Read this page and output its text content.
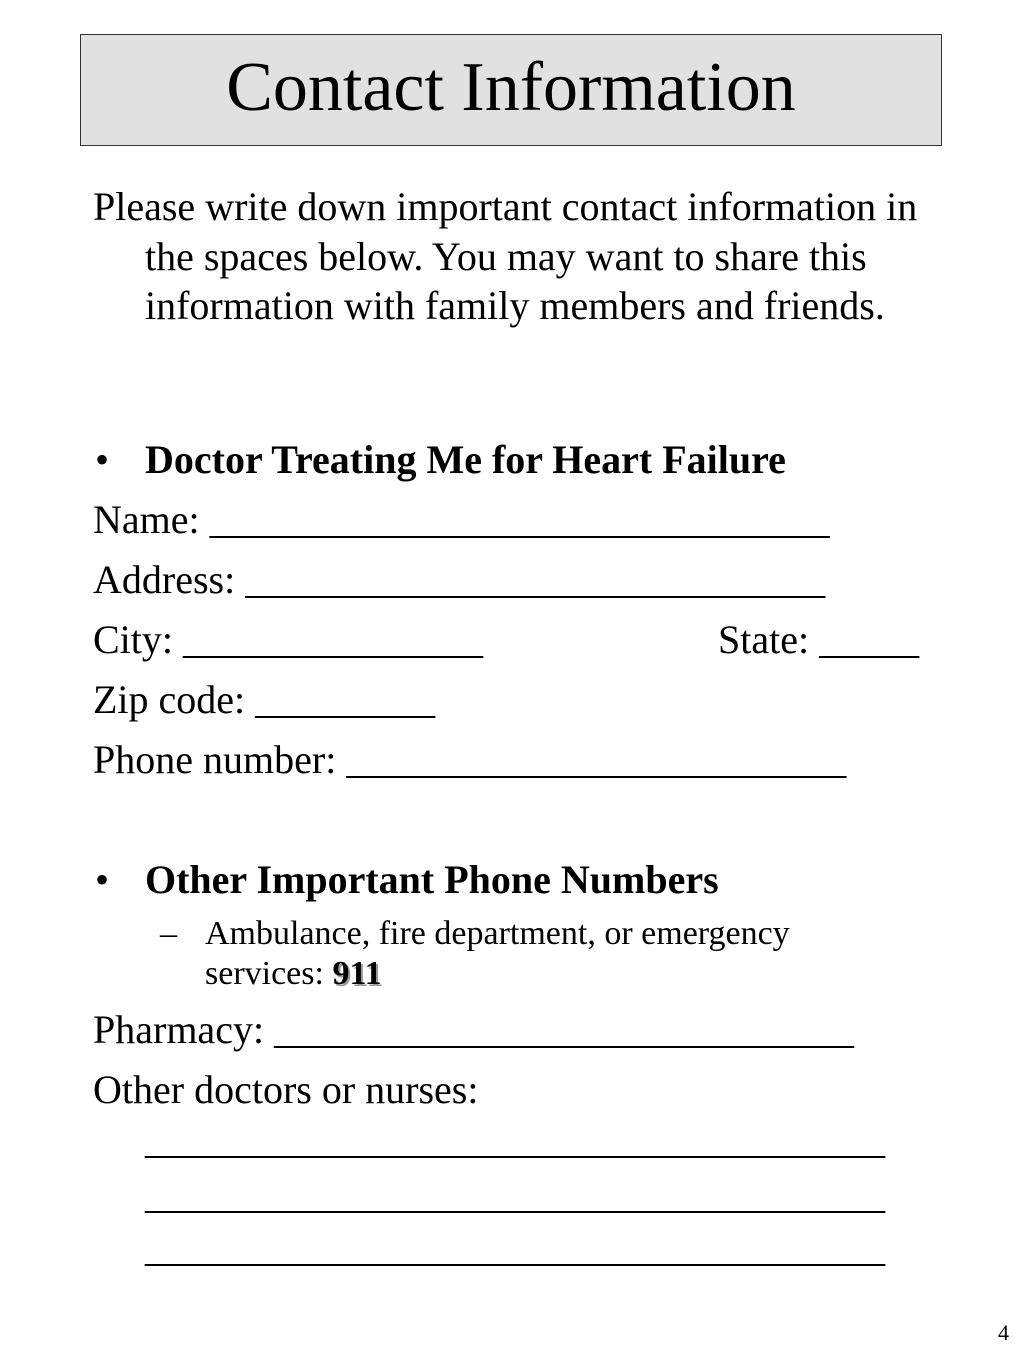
Contact Information

Please write down important contact information in the spaces below. You may want to share this information with family members and friends.

• Doctor Treating Me for Heart Failure
Name: _______________________________
Address: _____________________________
City: _______________	State: _____
Zip code: _________
Phone number: _________________________
• Other Important Phone Numbers
– Ambulance, fire department, or emergency
services: 911
Pharmacy: _____________________________
Other doctors or nurses:
_____________________________________
_____________________________________
_____________________________________
4
